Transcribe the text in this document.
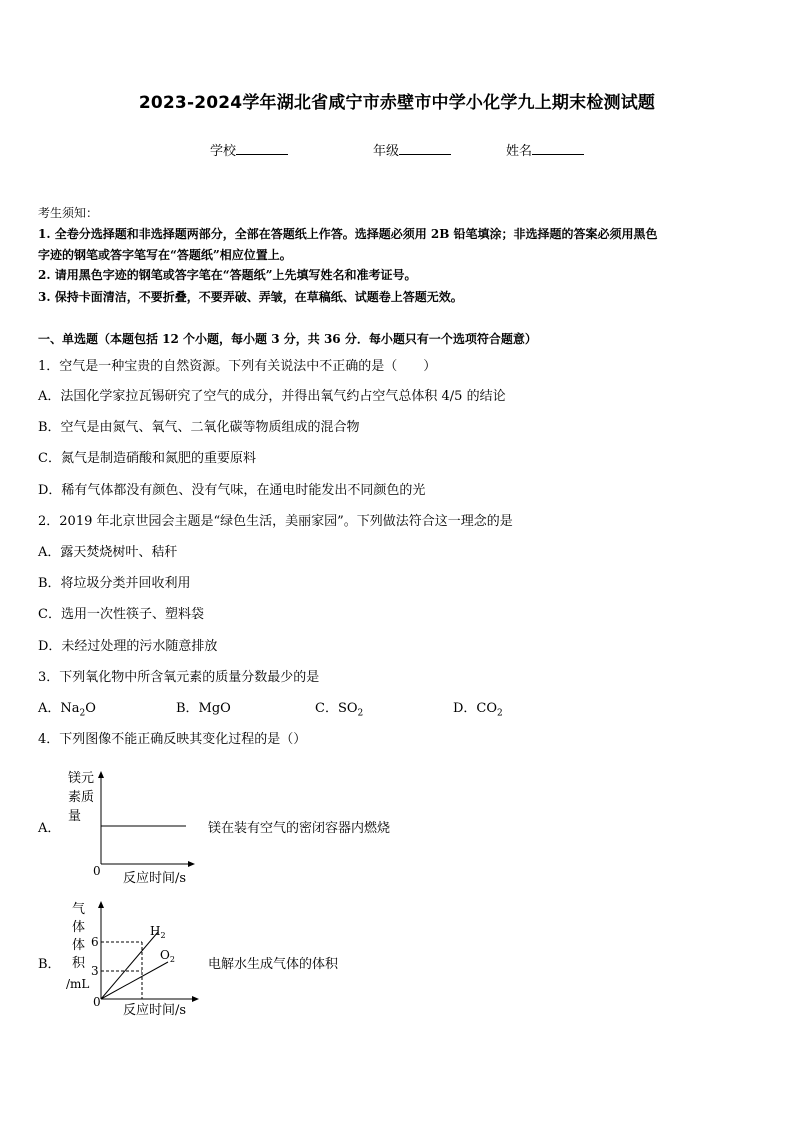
2023-2024学年湖北省咸宁市赤壁市中学小化学九上期末检测试题
学校	年级	姓名
考生须知：
1. 全卷分选择题和非选择题两部分，全部在答题纸上作答。选择题必须用 2B 铅笔填涂；非选择题的答案必须用黑色
字迹的钢笔或答字笔写在“答题纸”相应位置上。
2. 请用黑色字迹的钢笔或答字笔在“答题纸”上先填写姓名和准考证号。
3. 保持卡面清洁，不要折叠，不要弄破、弄皱，在草稿纸、试题卷上答题无效。
一、单选题（本题包括 12 个小题，每小题 3 分，共 36 分．每小题只有一个选项符合题意）
1．空气是一种宝贵的自然资源。下列有关说法中不正确的是（　　）
A．法国化学家拉瓦锡研究了空气的成分，并得出氧气约占空气总体积 4/5 的结论
B．空气是由氮气、氧气、二氧化碳等物质组成的混合物
C．氮气是制造硝酸和氮肥的重要原料
D．稀有气体都没有颜色、没有气味，在通电时能发出不同颜色的光
2．2019 年北京世园会主题是“绿色生活，美丽家园”。下列做法符合这一理念的是
A．露天焚烧树叶、秸秆
B．将垃圾分类并回收利用
C．选用一次性筷子、塑料袋
D．未经过处理的污水随意排放
3．下列氧化物中所含氧元素的质量分数最少的是
A．$Na_2O$	B．MgO	C．$SO_2$	D．$CO_2$
4．下列图像不能正确反映其变化过程的是（）
A．
镁元
素质
量
0 反应时间/s
镁在装有空气的密闭容器内燃烧
B．
气
体
体
积
/mL
6
3
0
$H_2$
$O_2$
反应时间/s
电解水生成气体的体积
